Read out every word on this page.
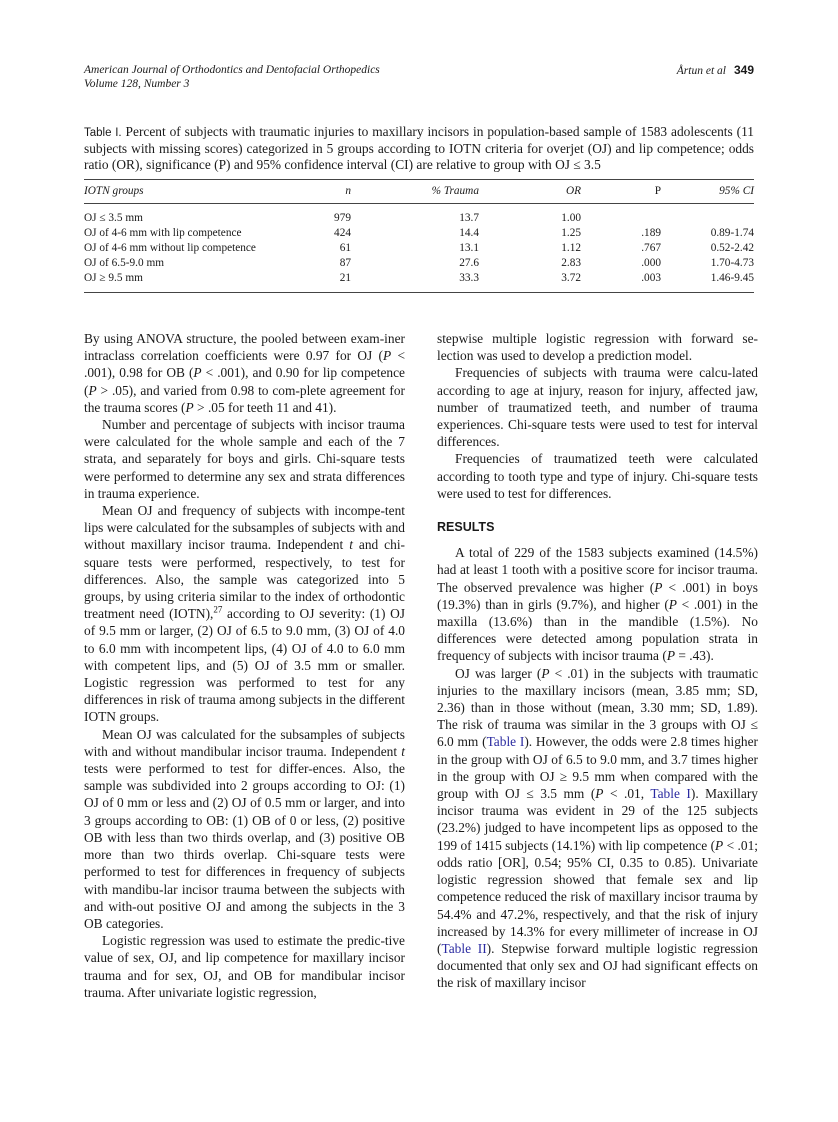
American Journal of Orthodontics and Dentofacial Orthopedics
Volume 128, Number 3
Årtun et al 349
Table I. Percent of subjects with traumatic injuries to maxillary incisors in population-based sample of 1583 adolescents (11 subjects with missing scores) categorized in 5 groups according to IOTN criteria for overjet (OJ) and lip competence; odds ratio (OR), significance (P) and 95% confidence interval (CI) are relative to group with OJ ≤ 3.5
IOTN groups	n	% Trauma	OR	P	95% CI
OJ ≤ 3.5 mm	979	13.7	1.00		
OJ of 4-6 mm with lip competence	424	14.4	1.25	.189	0.89-1.74
OJ of 4-6 mm without lip competence	61	13.1	1.12	.767	0.52-2.42
OJ of 6.5-9.0 mm	87	27.6	2.83	.000	1.70-4.73
OJ ≥ 9.5 mm	21	33.3	3.72	.003	1.46-9.45

By using ANOVA structure, the pooled between exam-iner intraclass correlation coefficients were 0.97 for OJ (P < .001), 0.98 for OB (P < .001), and 0.90 for lip competence (P > .05), and varied from 0.98 to com-plete agreement for the trauma scores (P > .05 for teeth 11 and 41).

Number and percentage of subjects with incisor trauma were calculated for the whole sample and each of the 7 strata, and separately for boys and girls. Chi-square tests were performed to determine any sex and strata differences in trauma experience.

Mean OJ and frequency of subjects with incompe-tent lips were calculated for the subsamples of subjects with and without maxillary incisor trauma. Independent t and chi-square tests were performed, respectively, to test for differences. Also, the sample was categorized into 5 groups, by using criteria similar to the index of orthodontic treatment need (IOTN),$^{27}$ according to OJ severity: (1) OJ of 9.5 mm or larger, (2) OJ of 6.5 to 9.0 mm, (3) OJ of 4.0 to 6.0 mm with incompetent lips, (4) OJ of 4.0 to 6.0 mm with competent lips, and (5) OJ of 3.5 mm or smaller. Logistic regression was performed to test for any differences in risk of trauma among subjects in the different IOTN groups.

Mean OJ was calculated for the subsamples of subjects with and without mandibular incisor trauma. Independent t tests were performed to test for differ-ences. Also, the sample was subdivided into 2 groups according to OJ: (1) OJ of 0 mm or less and (2) OJ of 0.5 mm or larger, and into 3 groups according to OB: (1) OB of 0 or less, (2) positive OB with less than two thirds overlap, and (3) positive OB more than two thirds overlap. Chi-square tests were performed to test for differences in frequency of subjects with mandibu-lar incisor trauma between the subjects with and with-out positive OJ and among the subjects in the 3 OB categories.

Logistic regression was used to estimate the predic-tive value of sex, OJ, and lip competence for maxillary incisor trauma and for sex, OJ, and OB for mandibular incisor trauma. After univariate logistic regression,

stepwise multiple logistic regression with forward se-lection was used to develop a prediction model.

Frequencies of subjects with trauma were calcu-lated according to age at injury, reason for injury, affected jaw, number of traumatized teeth, and number of trauma experiences. Chi-square tests were used to test for interval differences.

Frequencies of traumatized teeth were calculated according to tooth type and type of injury. Chi-square tests were used to test for differences.

RESULTS

A total of 229 of the 1583 subjects examined (14.5%) had at least 1 tooth with a positive score for incisor trauma. The observed prevalence was higher (P < .001) in boys (19.3%) than in girls (9.7%), and higher (P < .001) in the maxilla (13.6%) than in the mandible (1.5%). No differences were detected among population strata in frequency of subjects with incisor trauma (P = .43).

OJ was larger (P < .01) in the subjects with traumatic injuries to the maxillary incisors (mean, 3.85 mm; SD, 2.36) than in those without (mean, 3.30 mm; SD, 1.89). The risk of trauma was similar in the 3 groups with OJ ≤ 6.0 mm (Table I). However, the odds were 2.8 times higher in the group with OJ of 6.5 to 9.0 mm, and 3.7 times higher in the group with OJ ≥ 9.5 mm when compared with the group with OJ ≤ 3.5 mm (P < .01, Table I). Maxillary incisor trauma was evident in 29 of the 125 subjects (23.2%) judged to have incompetent lips as opposed to the 199 of 1415 subjects (14.1%) with lip competence (P < .01; odds ratio [OR], 0.54; 95% CI, 0.35 to 0.85). Univariate logistic regression showed that female sex and lip competence reduced the risk of maxillary incisor trauma by 54.4% and 47.2%, respectively, and that the risk of injury increased by 14.3% for every millimeter of increase in OJ (Table II). Stepwise forward multiple logistic regression documented that only sex and OJ had significant effects on the risk of maxillary incisor
